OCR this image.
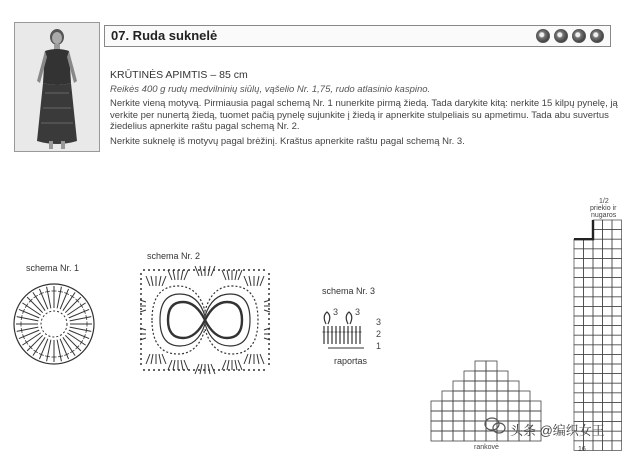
07. Ruda suknelė
KRŪTINĖS APIMTIS – 85 cm
Reikės 400 g rudų medvilninių siūlų, vąšelio Nr. 1,75, rudo atlasinio kaspino.

Nerkite vieną motyvą. Pirmiausia pagal schemą Nr. 1 nunerkite pirmą žiedą. Tada darykite kitą: nerkite 15 kilpų pynelę, ją verkite per nunertą žiedą, tuomet pačią pynelę sujunkite į žiedą ir apnerkite stulpeliais su apmetimu. Tada abu suvertus žiedelius apnerkite raštu pagal schemą Nr. 2.

Nerkite suknelę iš motyvų pagal brėžinį. Kraštus apnerkite raštu pagal schemą Nr. 3.

schema Nr. 1
schema Nr. 2
schema Nr. 3
3 3
3
2
1
raportas
rankovė
1/2
priekio ir
nugaros
16
头条 @编织女王
